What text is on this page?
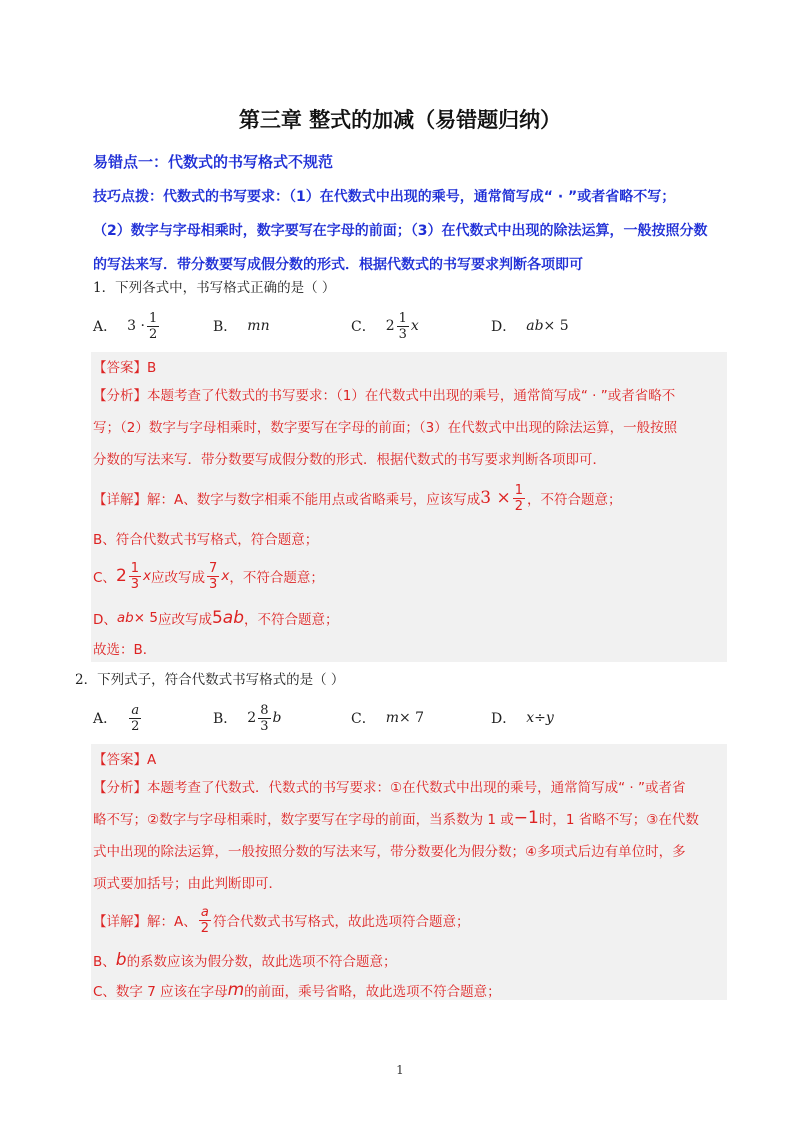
第三章 整式的加减（易错题归纳）
易错点一：代数式的书写格式不规范
技巧点拨：代数式的书写要求：（1）在代数式中出现的乘号，通常简写成“ · ”或者省略不写；
（2）数字与字母相乘时，数字要写在字母的前面；（3）在代数式中出现的除法运算，一般按照分数
的写法来写．带分数要写成假分数的形式．根据代数式的书写要求判断各项即可
1．下列各式中，书写格式正确的是（ ）
A． $3 \cdot \frac{1}{2}$	B． mn	C． $2 \frac{1}{3}$ x	D． ab × 5
【答案】B
【分析】本题考查了代数式的书写要求：（1）在代数式中出现的乘号，通常简写成“ · ”或者省略不
写；（2）数字与字母相乘时，数字要写在字母的前面；（3）在代数式中出现的除法运算，一般按照
分数的写法来写．带分数要写成假分数的形式．根据代数式的书写要求判断各项即可．
【详解】解：A、数字与数字相乘不能用点或省略乘号，应该写成 $3 \times \frac{1}{2}$ ，不符合题意；
B、符合代数式书写格式，符合题意；
C、 $2 \frac{1}{3}$ x 应改写成 $\frac{7}{3}$ x ，不符合题意；
D、 ab × 5 应改写成 5 ab ，不符合题意；
故选：B．
2．下列式子，符合代数式书写格式的是（ ）
A． $\frac{a}{2}$	B． $2 \frac{8}{3}$ b	C． m × 7	D． x ÷ y
【答案】A
【分析】本题考查了代数式．代数式的书写要求：①在代数式中出现的乘号，通常简写成“ · ”或者省
略不写；②数字与字母相乘时，数字要写在字母的前面，当系数为 1 或 −1 时，1 省略不写；③在代数
式中出现的除法运算，一般按照分数的写法来写，带分数要化为假分数；④多项式后边有单位时，多
项式要加括号；由此判断即可．
【详解】解：A、 $\frac{a}{2}$ 符合代数式书写格式，故此选项符合题意；
B、 b 的系数应该为假分数，故此选项不符合题意；
C、数字 7 应该在字母 m 的前面，乘号省略，故此选项不符合题意；
1
